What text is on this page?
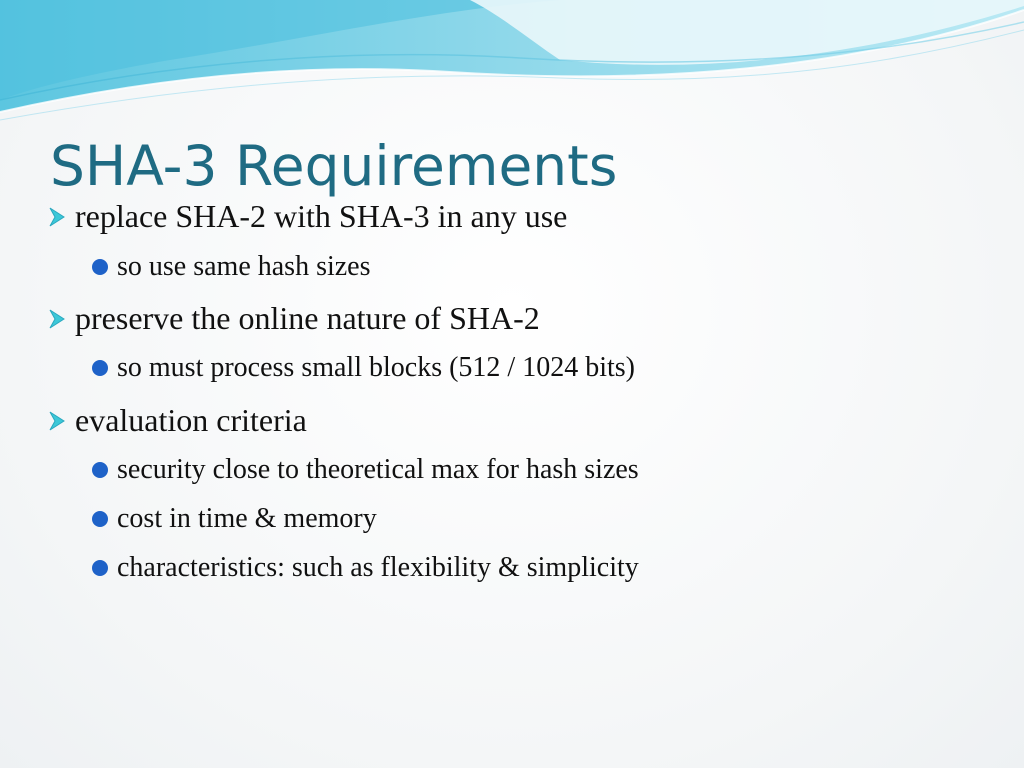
SHA-3 Requirements
replace SHA-2 with SHA-3 in any use
so use same hash sizes
preserve the online nature of SHA-2
so must process small blocks (512 / 1024 bits)
evaluation criteria
security close to theoretical max for hash sizes
cost in time & memory
characteristics: such as flexibility & simplicity
